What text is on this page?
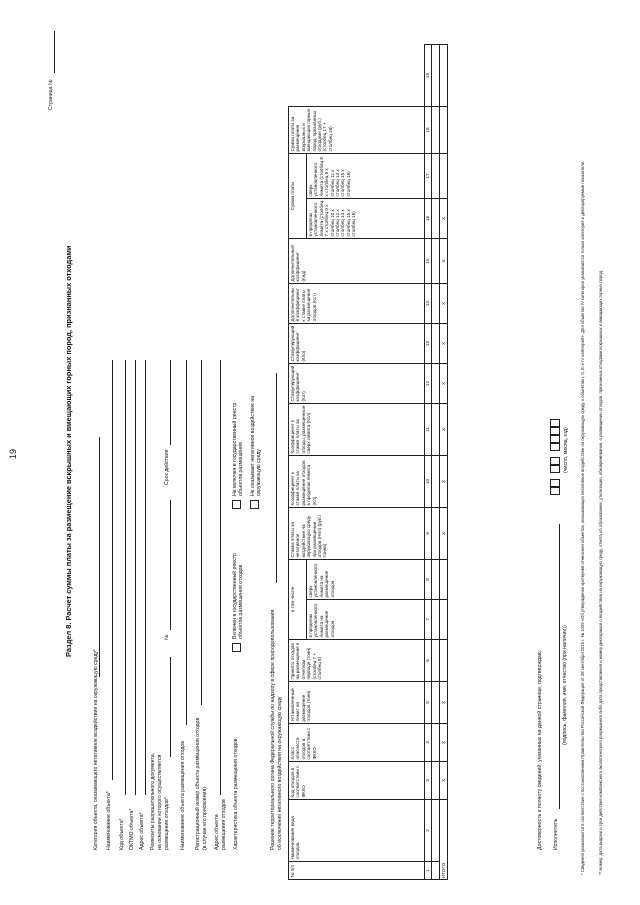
19
Страница №
Раздел 8. Расчет суммы платы за размещение вскрышных и вмещающих горных пород, признанных отходами
Категория объекта, оказывающего негативное воздействие на окружающую среду* Наименование объекта* Код объекта* ОКТМО объекта* Адрес объекта* Реквизиты разрешительного документа, на основании которого осуществляется размещение отходов*
№
Срок действия
Наименование объекта размещения отходов Регистрационный номер объекта размещения отходов (в случае его присвоения) Адрес объекта размещения отходов Характеристика объекта размещения отходов:
Включен в государственный реестр объектов размещения отходов
Не включен в государственный реестр объектов размещения Не оказывает негативное воздействие на окружающую среду
Решение территориального органа Федеральной службы по надзору в сфере природопользования об исключении негативного воздействия на окружающую среду
№ п/п	Наименование вида отходов	Код отходов в соответствии с ФККО	Класс опасности отходов в соответствии с ФККО	Установленный лимит на размещение отходов (тонн)	Принято отходов на размещение в отчетном периоде (тонн) (столбец 7 + столбец 8)	в том числе		Ставка платы за негативное воздействие на окружающую среду при размещении отходов (Нпл) (руб./тонна)	Коэффициент к ставке платы за размещение отходов в пределах лимита (Kл)	Коэффициент к ставке платы за отходы, размещенные сверх лимита (Ксл)	Стимулирующий коэффициент (Кот)	Стимулирующий коэффициент (Кпо)	Дополнительный коэффициент к ставке платы за размещение отходов (Кст)	Дополнительный коэффициент (Кнд)	Сумма платы		Сумма платы за размещение вскрышных и вмещающих горных пород, признанных отходами (руб.) (столбец 17 + столбец 18)	
						в пределах установленного лимита на размещение отходов	сверх установленного лимита на размещение отходов								в пределах установленного лимита (столбец 7 х столбец 9 х столбец 10 х столбец 12 х столбец 14 х столбец 15 х столбец 16)	сверх установленного лимита (столбец 8 х столбец 9 х столбец 11 х столбец 14 х столбец 15 х столбец 16)		
1	2	3	4	5	6	7	8	9	10	11	12	13	14	15	16	17	18	19

ИТОГО		Х	Х	Х				Х	Х	Х	Х	Х	Х	Х	Х			
Достоверность и полноту сведений, указанных на данной странице, подтверждаю: Исполнитель
(подпись, фамилия, имя, отчество (при наличии))
(число, месяц, год)	* Сведения указываются в соответствии с постановлением Правительства Российской Федерации от 28 сентября 2015 г. № 1029 «Об утверждении критериев отнесения объектов, оказывающих негативное воздействие на окружающую среду, к объектам I, II, III и IV категорий». Для объектов IV категории указываются только категория и декларируемые показатели.	** Номер, дата выдачи и срок действия комплексного экологического разрешения либо дата представления и номер декларации о воздействии на окружающую среду, отчета об образовании, утилизации, обезвреживании, о размещении отходов, признанных отходами вскрышных и вмещающих горных пород.
